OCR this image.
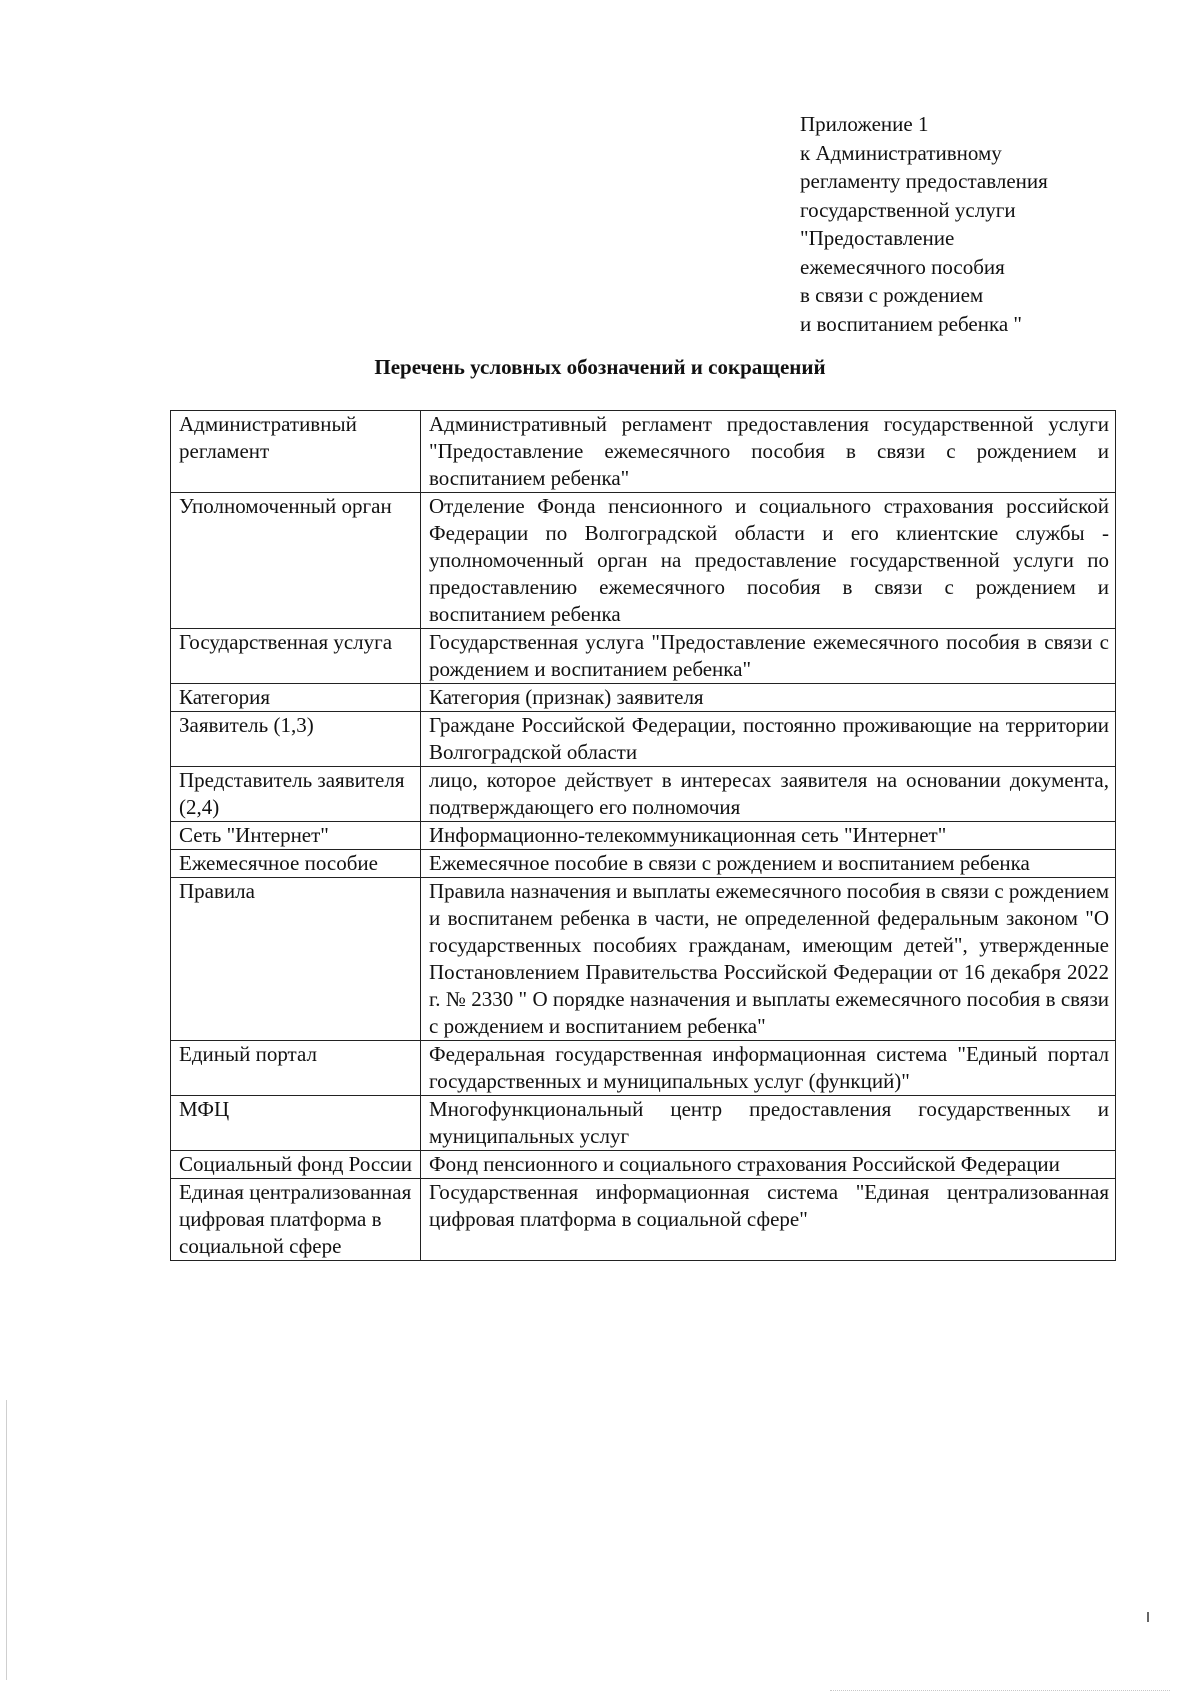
Приложение 1
к Административному
регламенту предоставления
государственной услуги
"Предоставление
ежемесячного пособия
в связи с рождением
и воспитанием ребенка "
Перечень условных обозначений и сокращений
Административный регламент	Административный регламент предоставления государственной услуги "Предоставление ежемесячного пособия в связи с рождением и воспитанием ребенка"
Уполномоченный орган	Отделение Фонда пенсионного и социального страхования российской Федерации по Волгоградской области и его клиентские службы - уполномоченный орган на предоставление государственной услуги по предоставлению ежемесячного пособия в связи с рождением и воспитанием ребенка
Государственная услуга	Государственная услуга "Предоставление ежемесячного пособия в связи с рождением и воспитанием ребенка"
Категория	Категория (признак) заявителя
Заявитель (1,3)	Граждане Российской Федерации, постоянно проживающие на территории Волгоградской области
Представитель заявителя (2,4)	лицо, которое действует в интересах заявителя на основании документа, подтверждающего его полномочия
Сеть "Интернет"	Информационно-телекоммуникационная сеть "Интернет"
Ежемесячное пособие	Ежемесячное пособие в связи с рождением и воспитанием ребенка
Правила	Правила назначения и выплаты ежемесячного пособия в связи с рождением и воспитанем ребенка в части, не определенной федеральным законом "О государственных пособиях гражданам, имеющим детей", утвержденные Постановлением Правительства Российской Федерации от 16 декабря 2022 г. № 2330 " О порядке назначения и выплаты ежемесячного пособия в связи с рождением и воспитанием ребенка"
Единый портал	Федеральная государственная информационная система "Единый портал государственных и муниципальных услуг (функций)"
МФЦ	Многофункциональный центр предоставления государственных и муниципальных услуг
Социальный фонд России	Фонд пенсионного и социального страхования Российской Федерации
Единая централизованная цифровая платформа в социальной сфере	Государственная информационная система "Единая централизованная цифровая платформа в социальной сфере"
